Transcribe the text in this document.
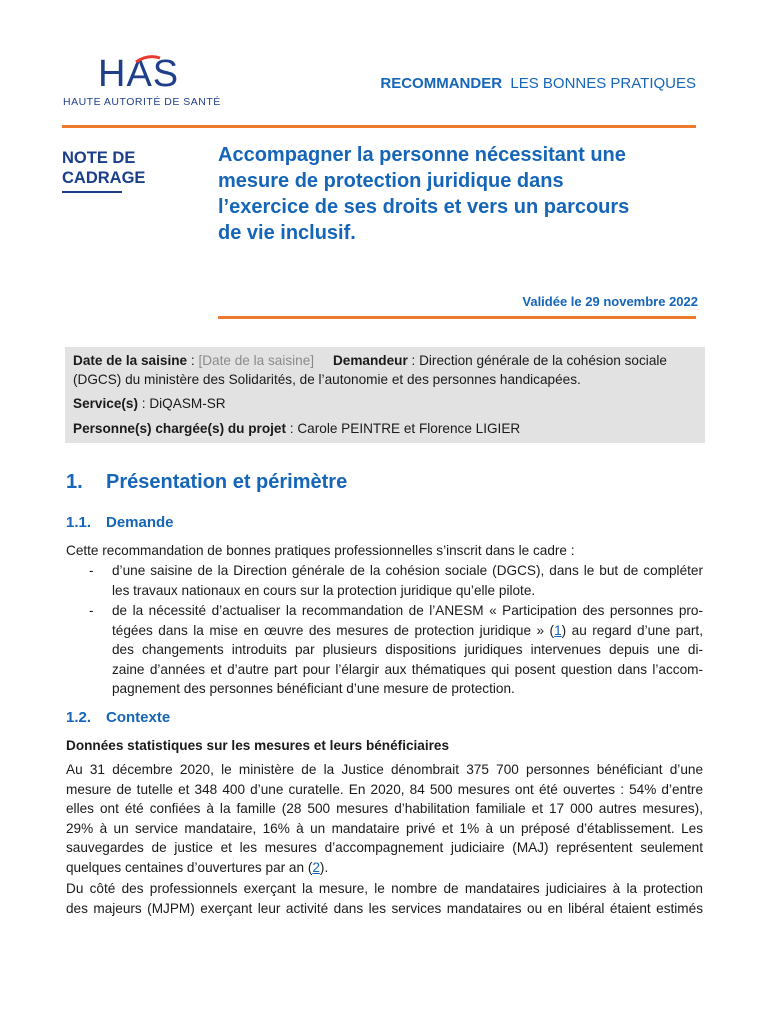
HAS
HAUTE AUTORITÉ DE SANTÉ
RECOMMANDER LES BONNES PRATIQUES
NOTE DE
CADRAGE
Accompagner la personne nécessitant une
mesure de protection juridique dans
l’exercice de ses droits et vers un parcours
de vie inclusif.
Validée le 29 novembre 2022
Date de la saisine : [Date de la saisine] Demandeur : Direction générale de la cohésion sociale
(DGCS) du ministère des Solidarités, de l’autonomie et des personnes handicapées.
Service(s) : DiQASM-SR
Personne(s) chargée(s) du projet : Carole PEINTRE et Florence LIGIER
1. Présentation et périmètre
1.1. Demande
Cette recommandation de bonnes pratiques professionnelles s’inscrit dans le cadre :
- d’une saisine de la Direction générale de la cohésion sociale (DGCS), dans le but de compléter
les travaux nationaux en cours sur la protection juridique qu’elle pilote.
- de la nécessité d’actualiser la recommandation de l’ANESM « Participation des personnes pro-
tégées dans la mise en œuvre des mesures de protection juridique » (1) au regard d’une part,
des changements introduits par plusieurs dispositions juridiques intervenues depuis une di-
zaine d’années et d’autre part pour l’élargir aux thématiques qui posent question dans l’accom-
pagnement des personnes bénéficiant d’une mesure de protection.
1.2. Contexte
Données statistiques sur les mesures et leurs bénéficiaires
Au 31 décembre 2020, le ministère de la Justice dénombrait 375 700 personnes bénéficiant d’une
mesure de tutelle et 348 400 d’une curatelle. En 2020, 84 500 mesures ont été ouvertes : 54% d’entre
elles ont été confiées à la famille (28 500 mesures d’habilitation familiale et 17 000 autres mesures),
29% à un service mandataire, 16% à un mandataire privé et 1% à un préposé d’établissement. Les
sauvegardes de justice et les mesures d’accompagnement judiciaire (MAJ) représentent seulement
quelques centaines d’ouvertures par an (2).
Du côté des professionnels exerçant la mesure, le nombre de mandataires judiciaires à la protection
des majeurs (MJPM) exerçant leur activité dans les services mandataires ou en libéral étaient estimés
